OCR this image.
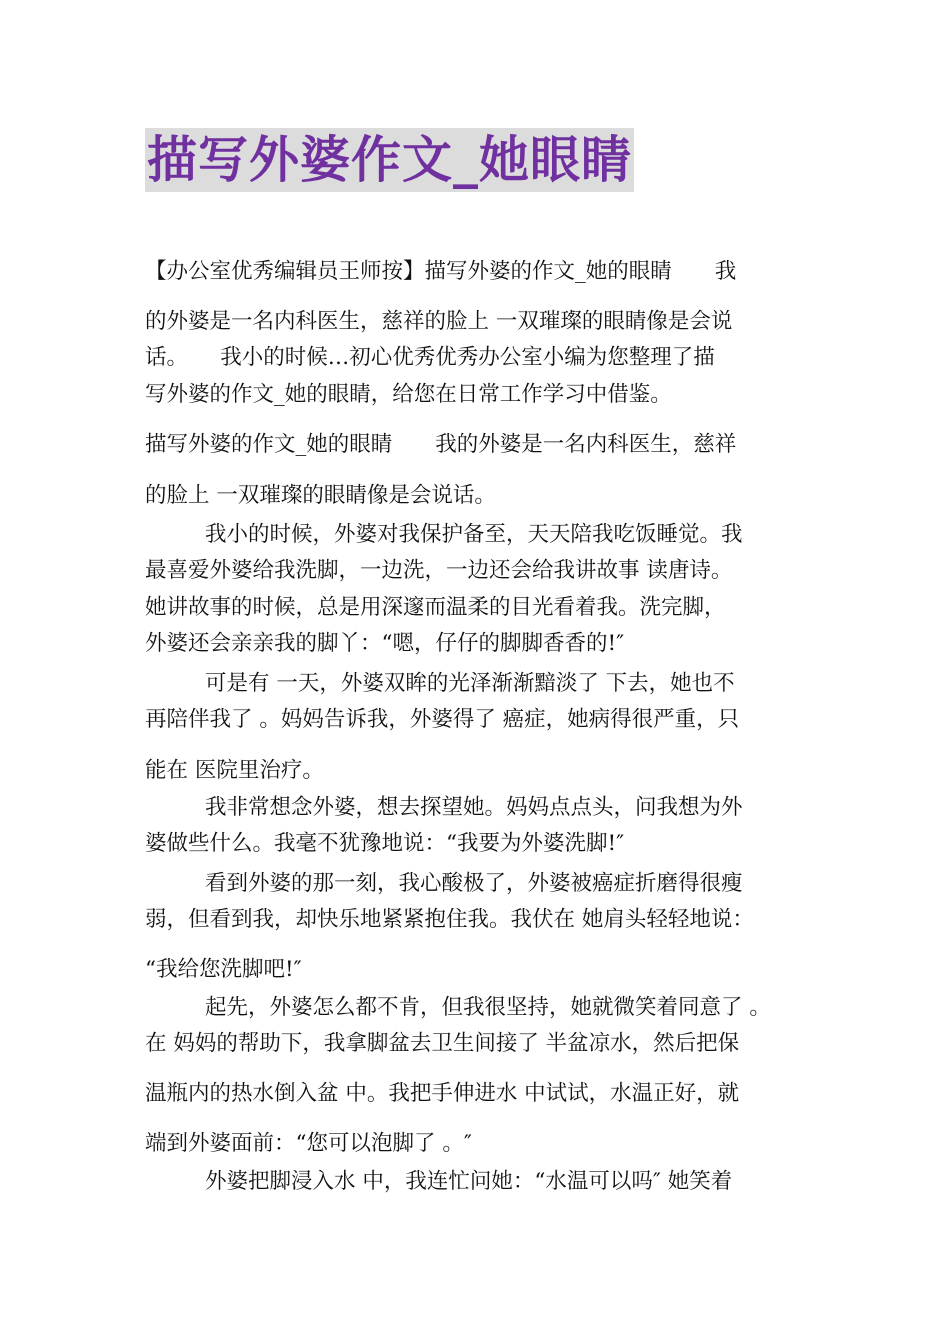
描写外婆作文_她眼睛
【办公室优秀编辑员王师按】描写外婆的作文_她的眼睛　　我
的外婆是一名内科医生，慈祥的脸上 一双璀璨的眼睛像是会说
话。　　我小的时候…初心优秀优秀办公室小编为您整理了描
写外婆的作文_她的眼睛，给您在日常工作学习中借鉴。
描写外婆的作文_她的眼睛　　我的外婆是一名内科医生，慈祥
的脸上 一双璀璨的眼睛像是会说话。
我小的时候，外婆对我保护备至，天天陪我吃饭睡觉。我
最喜爱外婆给我洗脚，一边洗，一边还会给我讲故事 读唐诗。
她讲故事的时候，总是用深邃而温柔的目光看着我。洗完脚，
外婆还会亲亲我的脚丫：“嗯，仔仔的脚脚香香的!″
可是有 一天，外婆双眸的光泽渐渐黯淡了 下去，她也不
再陪伴我了 。妈妈告诉我，外婆得了 癌症，她病得很严重，只
能在 医院里治疗。
我非常想念外婆，想去探望她。妈妈点点头，问我想为外
婆做些什么。我毫不犹豫地说：“我要为外婆洗脚!″
看到外婆的那一刻，我心酸极了，外婆被癌症折磨得很瘦
弱，但看到我，却快乐地紧紧抱住我。我伏在 她肩头轻轻地说：
“我给您洗脚吧!″
起先，外婆怎么都不肯，但我很坚持，她就微笑着同意了 。
在 妈妈的帮助下，我拿脚盆去卫生间接了 半盆凉水，然后把保
温瓶内的热水倒入盆 中。我把手伸进水 中试试，水温正好，就
端到外婆面前：“您可以泡脚了 。″
外婆把脚浸入水 中，我连忙问她：“水温可以吗″ 她笑着
